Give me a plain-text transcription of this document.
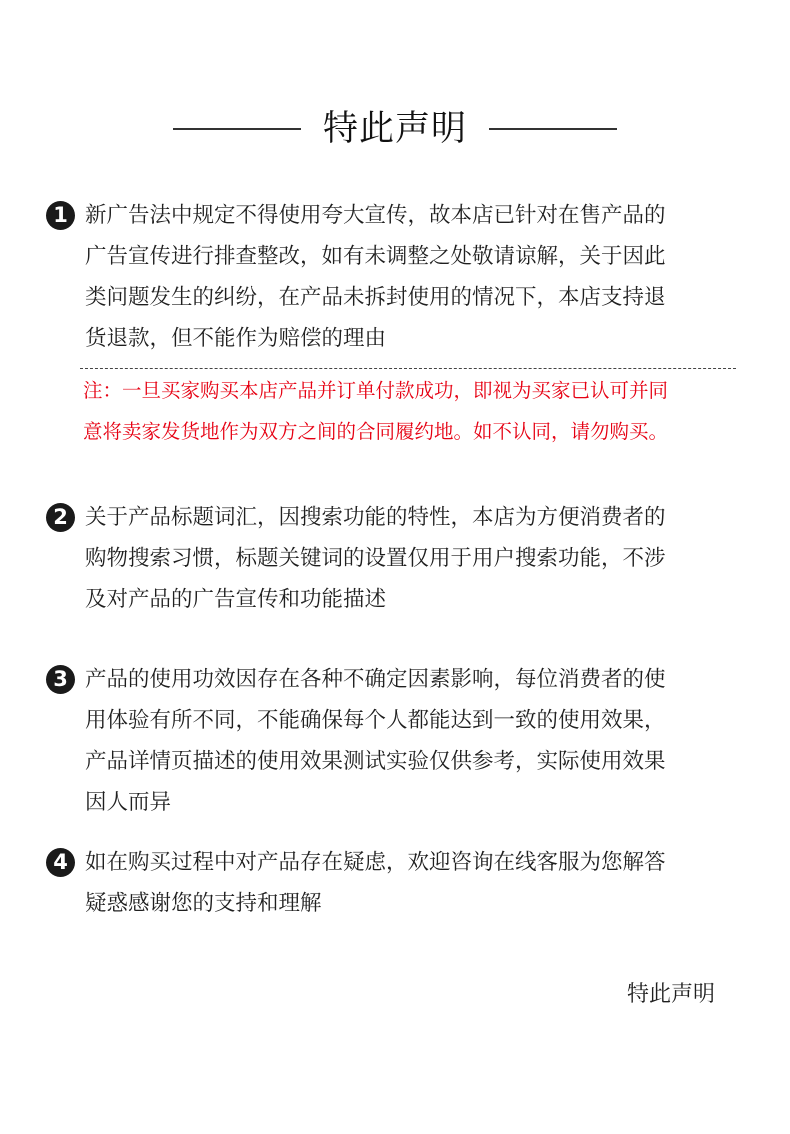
特此声明
1 新广告法中规定不得使用夸大宣传，故本店已针对在售产品的
广告宣传进行排查整改，如有未调整之处敬请谅解，关于因此
类问题发生的纠纷，在产品未拆封使用的情况下，本店支持退
货退款，但不能作为赔偿的理由
注：一旦买家购买本店产品并订单付款成功，即视为买家已认可并同
意将卖家发货地作为双方之间的合同履约地。如不认同，请勿购买。
2 关于产品标题词汇，因搜索功能的特性，本店为方便消费者的
购物搜索习惯，标题关键词的设置仅用于用户搜索功能，不涉
及对产品的广告宣传和功能描述
3 产品的使用功效因存在各种不确定因素影响，每位消费者的使
用体验有所不同，不能确保每个人都能达到一致的使用效果，
产品详情页描述的使用效果测试实验仅供参考，实际使用效果
因人而异
4 如在购买过程中对产品存在疑虑，欢迎咨询在线客服为您解答
疑惑感谢您的支持和理解
特此声明
